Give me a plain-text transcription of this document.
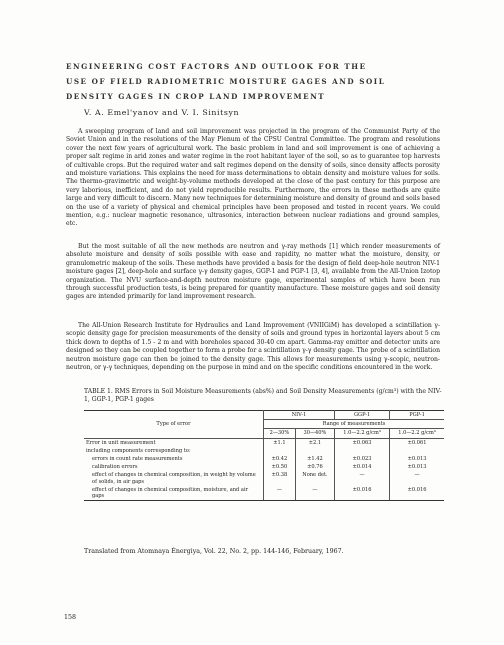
ENGINEERING COST FACTORS AND OUTLOOK FOR THE
USE OF FIELD RADIOMETRIC MOISTURE GAGES AND SOIL
DENSITY GAGES IN CROP LAND IMPROVEMENT
V. A. Emel'yanov and V. I. Sinitsyn

A sweeping program of land and soil improvement was projected in the program of the Communist Party of the Soviet Union and in the resolutions of the May Plenum of the CPSU Central Committee. The program and resolutions cover the next few years of agricultural work. The basic problem in land and soil improvement is one of achieving a proper salt regime in arid zones and water regime in the root habitant layer of the soil, so as to guarantee top harvests of cultivable crops. But the required water and salt regimes depend on the density of soils, since density affects porosity and moisture variations. This explains the need for mass determinations to obtain density and moisture values for soils. The thermo-gravimetric and weight-by-volume methods developed at the close of the past century for this purpose are very laborious, inefficient, and do not yield reproducible results. Furthermore, the errors in these methods are quite large and very difficult to discern. Many new techniques for determining moisture and density of ground and soils based on the use of a variety of physical and chemical principles have been proposed and tested in recent years. We could mention, e.g.: nuclear magnetic resonance, ultrasonics, interaction between nuclear radiations and ground samples, etc.

But the most suitable of all the new methods are neutron and γ-ray methods [1] which render measurements of absolute moisture and density of soils possible with ease and rapidity, no matter what the moisture, density, or granulometric makeup of the soils. These methods have provided a basis for the design of field deep-hole neutron NIV-1 moisture gages [2], deep-hole and surface γ-γ density gages, GGP-1 and PGP-1 [3, 4], available from the All-Union Izotop organization. The NVU surface-and-depth neutron moisture gage, experimental samples of which have been run through successful production tests, is being prepared for quantity manufacture. These moisture gages and soil density gages are intended primarily for land improvement research.

The All-Union Research Institute for Hydraulics and Land Improvement (VNIIGiM) has developed a scintillation γ-scopic density gage for precision measurements of the density of soils and ground types in horizontal layers about 5 cm thick down to depths of 1.5 - 2 m and with boreholes spaced 30-40 cm apart. Gamma-ray emitter and detector units are designed so they can be coupled together to form a probe for a scintillation γ-γ density gage. The probe of a scintillation neutron moisture gage can then be joined to the density gage. This allows for measurements using γ-scopic, neutron-neutron, or γ-γ techniques, depending on the purpose in mind and on the specific conditions encountered in the work.

TABLE 1. RMS Errors in Soil Moisture Measurements (abs%) and Soil Density Measurements (g/cm³) with the NIV-1, GGP-1, PGP-1 gages
Type of error	NIV-1		GGP-1	PGP-1
	Range of measurements			
	2—30%	30—40%	1.0—2.2 g/cm³	1.0—2.2 g/cm³
Error in unit measurement	±1.1	±2.1	±0.063	±0.061
including components corresponding to:				
errors in count rate measurements	±0.42	±1.42	±0.023	±0.013
calibration errors	±0.50	±0.76	±0.014	±0.013
effect of changes in chemical composition, in weight by volume of solids, in air gaps	±0.38	None det.	—	—
effect of changes in chemical composition, moisture, and air gaps	—	—	±0.016	±0.016
Translated from Atomnaya Énergiya, Vol. 22, No. 2, pp. 144-146, February, 1967.
158
